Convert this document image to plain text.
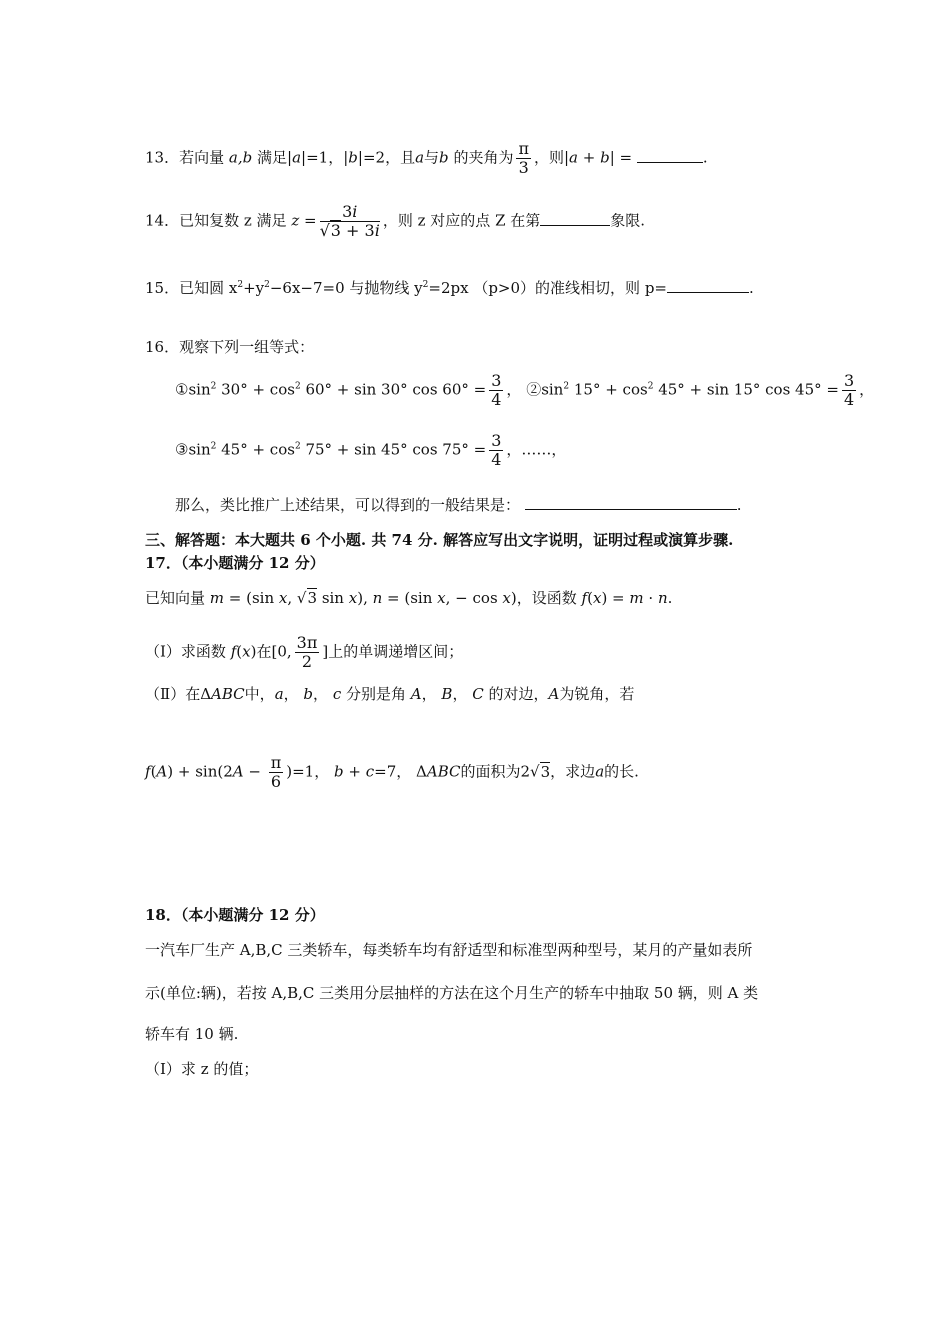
13．若向量 a,b 满足|a|=1，|b|=2，且a与b 的夹角为 $\frac{\pi}{3}$ ，则|a + b| =	.
14．已知复数 z 满足 $z = \frac{3i}{√3 + 3i}$ ，则 z 对应的点 Z 在第	象限.
15．已知圆 $x^2+y^2-6x-7=0$ 与抛物线 $y^2=2px$ （p>0）的准线相切，则 p=	.
16．观察下列一组等式：
$①\sin^2$ $30^\circ + \cos^2 60^\circ + \sin 30^\circ$ $\cos 60^\circ = \frac{3}{4}$ ， $②\sin^2$ $15^\circ + \cos^2 45^\circ + \sin 15^\circ$ $\cos 45^\circ = \frac{3}{4}$ ，
$③\sin^2$ $45^\circ + \cos^2 75^\circ + \sin 45^\circ$ $\cos 75^\circ = \frac{3}{4}$ ，……，
那么，类比推广上述结果，可以得到的一般结果是：	.
三、解答题：本大题共 6 个小题. 共 74 分. 解答应写出文字说明，证明过程或演算步骤.
17．（本小题满分 12 分）
已知向量 m = (sin x, √3 sin x), n = (sin x, − cos x)，设函数 f(x) = m · n.
（Ⅰ）求函数 f(x)在[0, $\frac{3\pi}{2}$ ]上的单调递增区间；
（Ⅱ）在ΔABC中，a， b， c 分别是角 A， B， C 的对边，A为锐角，若
$f(A) + \sin(2A - \frac{\pi}{6} )=1$， b + c=7， ΔABC的面积为2√3，求边a的长.
18．（本小题满分 12 分）
一汽车厂生产 A,B,C 三类轿车，每类轿车均有舒适型和标准型两种型号，某月的产量如表所
示(单位:辆)，若按 A,B,C 三类用分层抽样的方法在这个月生产的轿车中抽取 50 辆，则 A 类
轿车有 10 辆.
（Ⅰ）求 z 的值；
